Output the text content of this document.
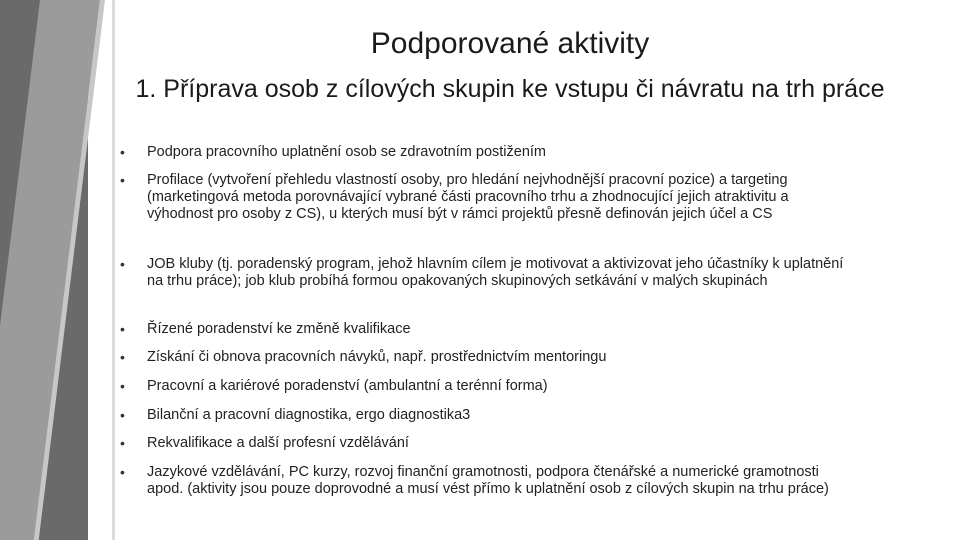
Podporované aktivity
1. Příprava osob z cílových skupin ke vstupu či návratu na trh práce
• Podpora pracovního uplatnění osob se zdravotním postižením
• Profilace (vytvoření přehledu vlastností osoby, pro hledání nejvhodnější pracovní pozice) a targeting (marketingová metoda porovnávající vybrané části pracovního trhu a zhodnocující jejich atraktivitu a výhodnost pro osoby z CS), u kterých musí být v rámci projektů přesně definován jejich účel a CS
• JOB kluby (tj. poradenský program, jehož hlavním cílem je motivovat a aktivizovat jeho účastníky k uplatnění na trhu práce); job klub probíhá formou opakovaných skupinových setkávání v malých skupinách
• Řízené poradenství ke změně kvalifikace
• Získání či obnova pracovních návyků, např. prostřednictvím mentoringu
• Pracovní a kariérové poradenství (ambulantní a terénní forma)
• Bilanční a pracovní diagnostika, ergo diagnostika3
• Rekvalifikace a další profesní vzdělávání
• Jazykové vzdělávání, PC kurzy, rozvoj finanční gramotnosti, podpora čtenářské a numerické gramotnosti apod. (aktivity jsou pouze doprovodné a musí vést přímo k uplatnění osob z cílových skupin na trhu práce)
